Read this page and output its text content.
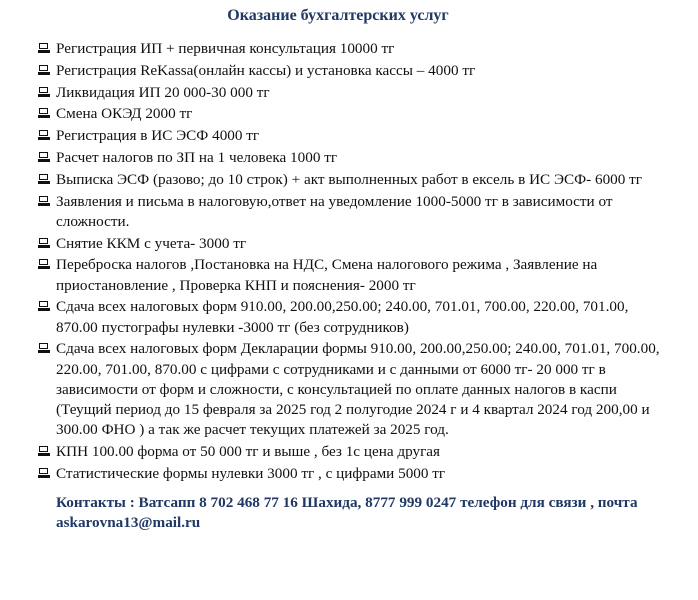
Оказание бухгалтерских услуг
Регистрация ИП + первичная консультация 10000 тг
Регистрация ReKassa(онлайн кассы) и установка кассы – 4000 тг
Ликвидация ИП 20 000-30 000 тг
Смена ОКЭД 2000 тг
Регистрация в ИС ЭСФ 4000 тг
Расчет налогов по ЗП на 1 человека 1000 тг
Выписка ЭСФ (разово; до 10 строк) + акт выполненных работ в ексель в ИС ЭСФ- 6000 тг
Заявления и письма в налоговую,ответ на уведомление 1000-5000 тг в зависимости от сложности.
Снятие ККМ с учета- 3000 тг
Переброска налогов ,Постановка на НДС, Смена налогового режима , Заявление на приостановление , Проверка КНП и пояснения- 2000 тг
Сдача всех налоговых форм 910.00, 200.00,250.00; 240.00, 701.01, 700.00, 220.00, 701.00, 870.00 пустографы нулевки -3000 тг (без сотрудников)
Сдача всех налоговых форм Декларации формы 910.00, 200.00,250.00; 240.00, 701.01, 700.00, 220.00, 701.00, 870.00 с цифрами с сотрудниками и с данными от 6000 тг- 20 000 тг в зависимости от форм и сложности, с консультацией по оплате данных налогов в каспи (Теущий период до 15 февраля за 2025 год 2 полугодие 2024 г и 4 квартал 2024 год 200,00 и 300.00 ФНО ) а так же расчет текущих платежей за 2025 год.
КПН 100.00 форма от 50 000 тг и выше , без 1с цена другая
Статистические формы нулевки 3000 тг , с цифрами 5000 тг

Контакты : Ватсапп 8 702 468 77 16 Шахида, 8777 999 0247 телефон для связи , почта askarovna13@mail.ru
